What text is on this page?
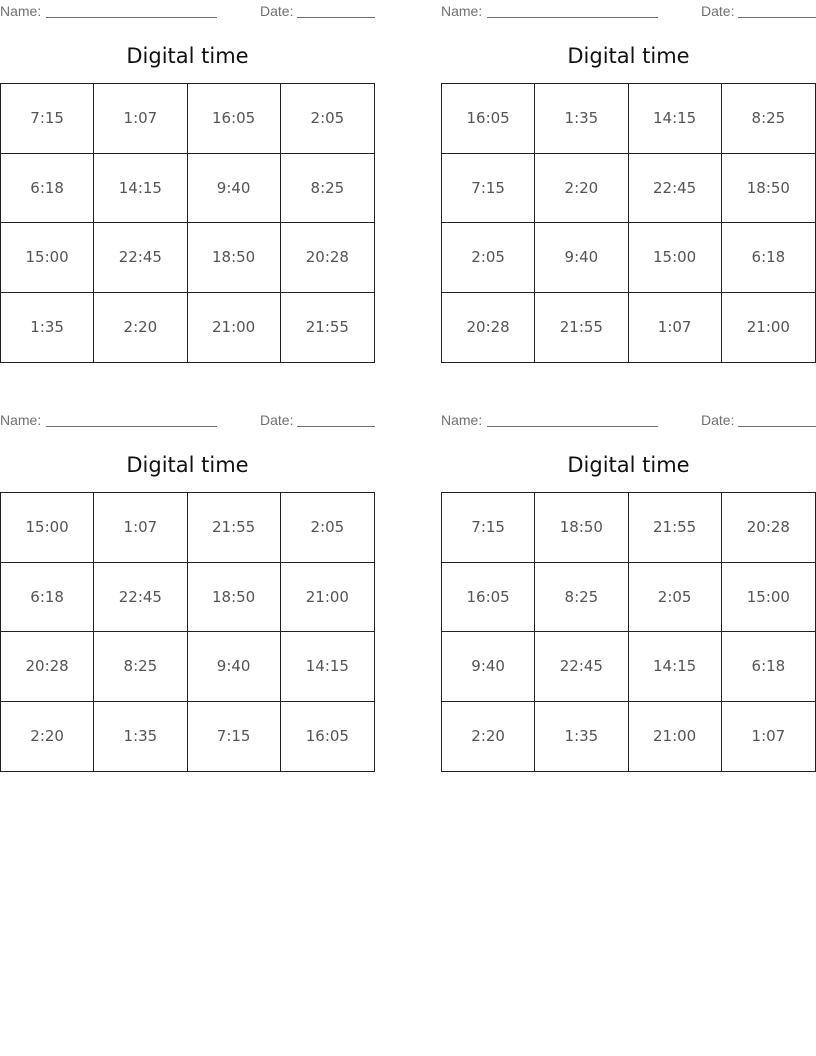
Name:	Date:
Digital time
7:15	1:07	16:05	2:05
6:18	14:15	9:40	8:25
15:00	22:45	18:50	20:28
1:35	2:20	21:00	21:55
Name:	Date:
Digital time
16:05	1:35	14:15	8:25
7:15	2:20	22:45	18:50
2:05	9:40	15:00	6:18
20:28	21:55	1:07	21:00
Name:	Date:
Digital time
15:00	1:07	21:55	2:05
6:18	22:45	18:50	21:00
20:28	8:25	9:40	14:15
2:20	1:35	7:15	16:05
Name:	Date:
Digital time
7:15	18:50	21:55	20:28
16:05	8:25	2:05	15:00
9:40	22:45	14:15	6:18
2:20	1:35	21:00	1:07
